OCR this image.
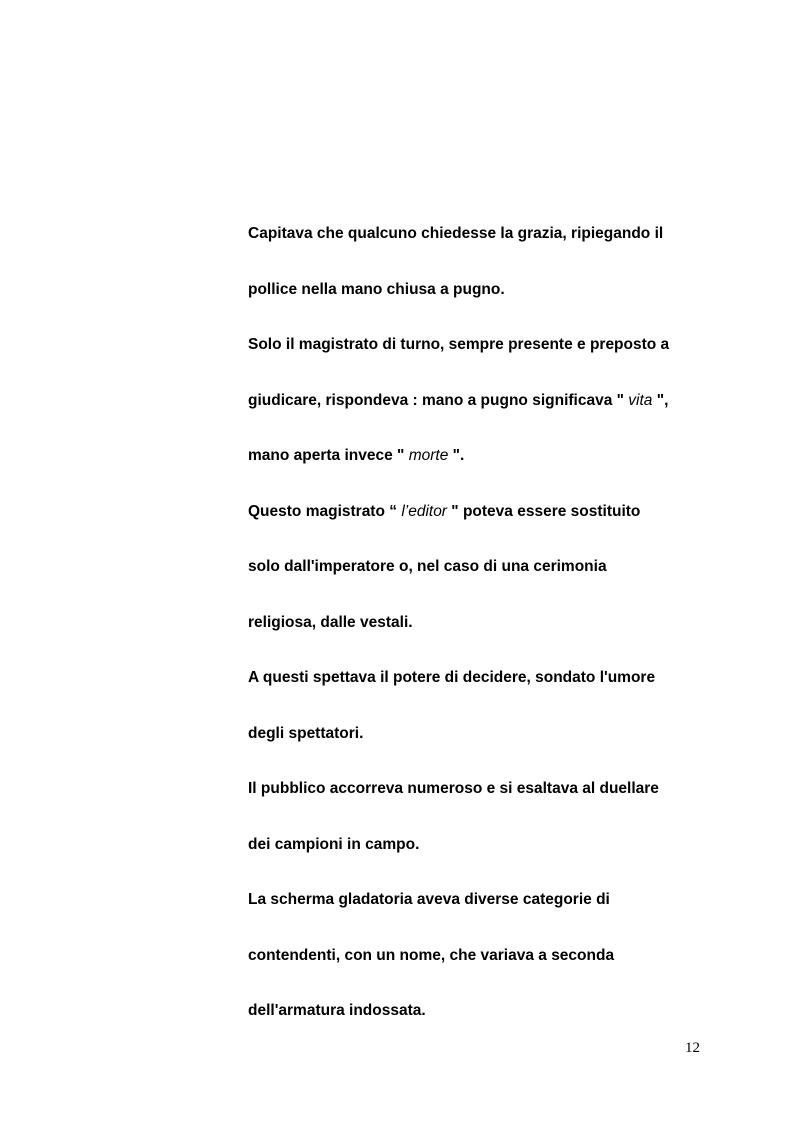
Capitava che qualcuno chiedesse la grazia, ripiegando il
pollice nella mano chiusa a pugno.
Solo il magistrato di turno, sempre presente e preposto a
giudicare, rispondeva : mano a pugno significava " vita ",
mano aperta invece " morte ".
Questo magistrato “ l’editor " poteva essere sostituito
solo dall'imperatore o, nel caso di una cerimonia
religiosa, dalle vestali.
A questi spettava il potere di decidere, sondato l'umore
degli spettatori.
Il pubblico accorreva numeroso e si esaltava al duellare
dei campioni in campo.
La scherma gladatoria aveva diverse categorie di
contendenti, con un nome, che variava a seconda
dell'armatura indossata.
12
